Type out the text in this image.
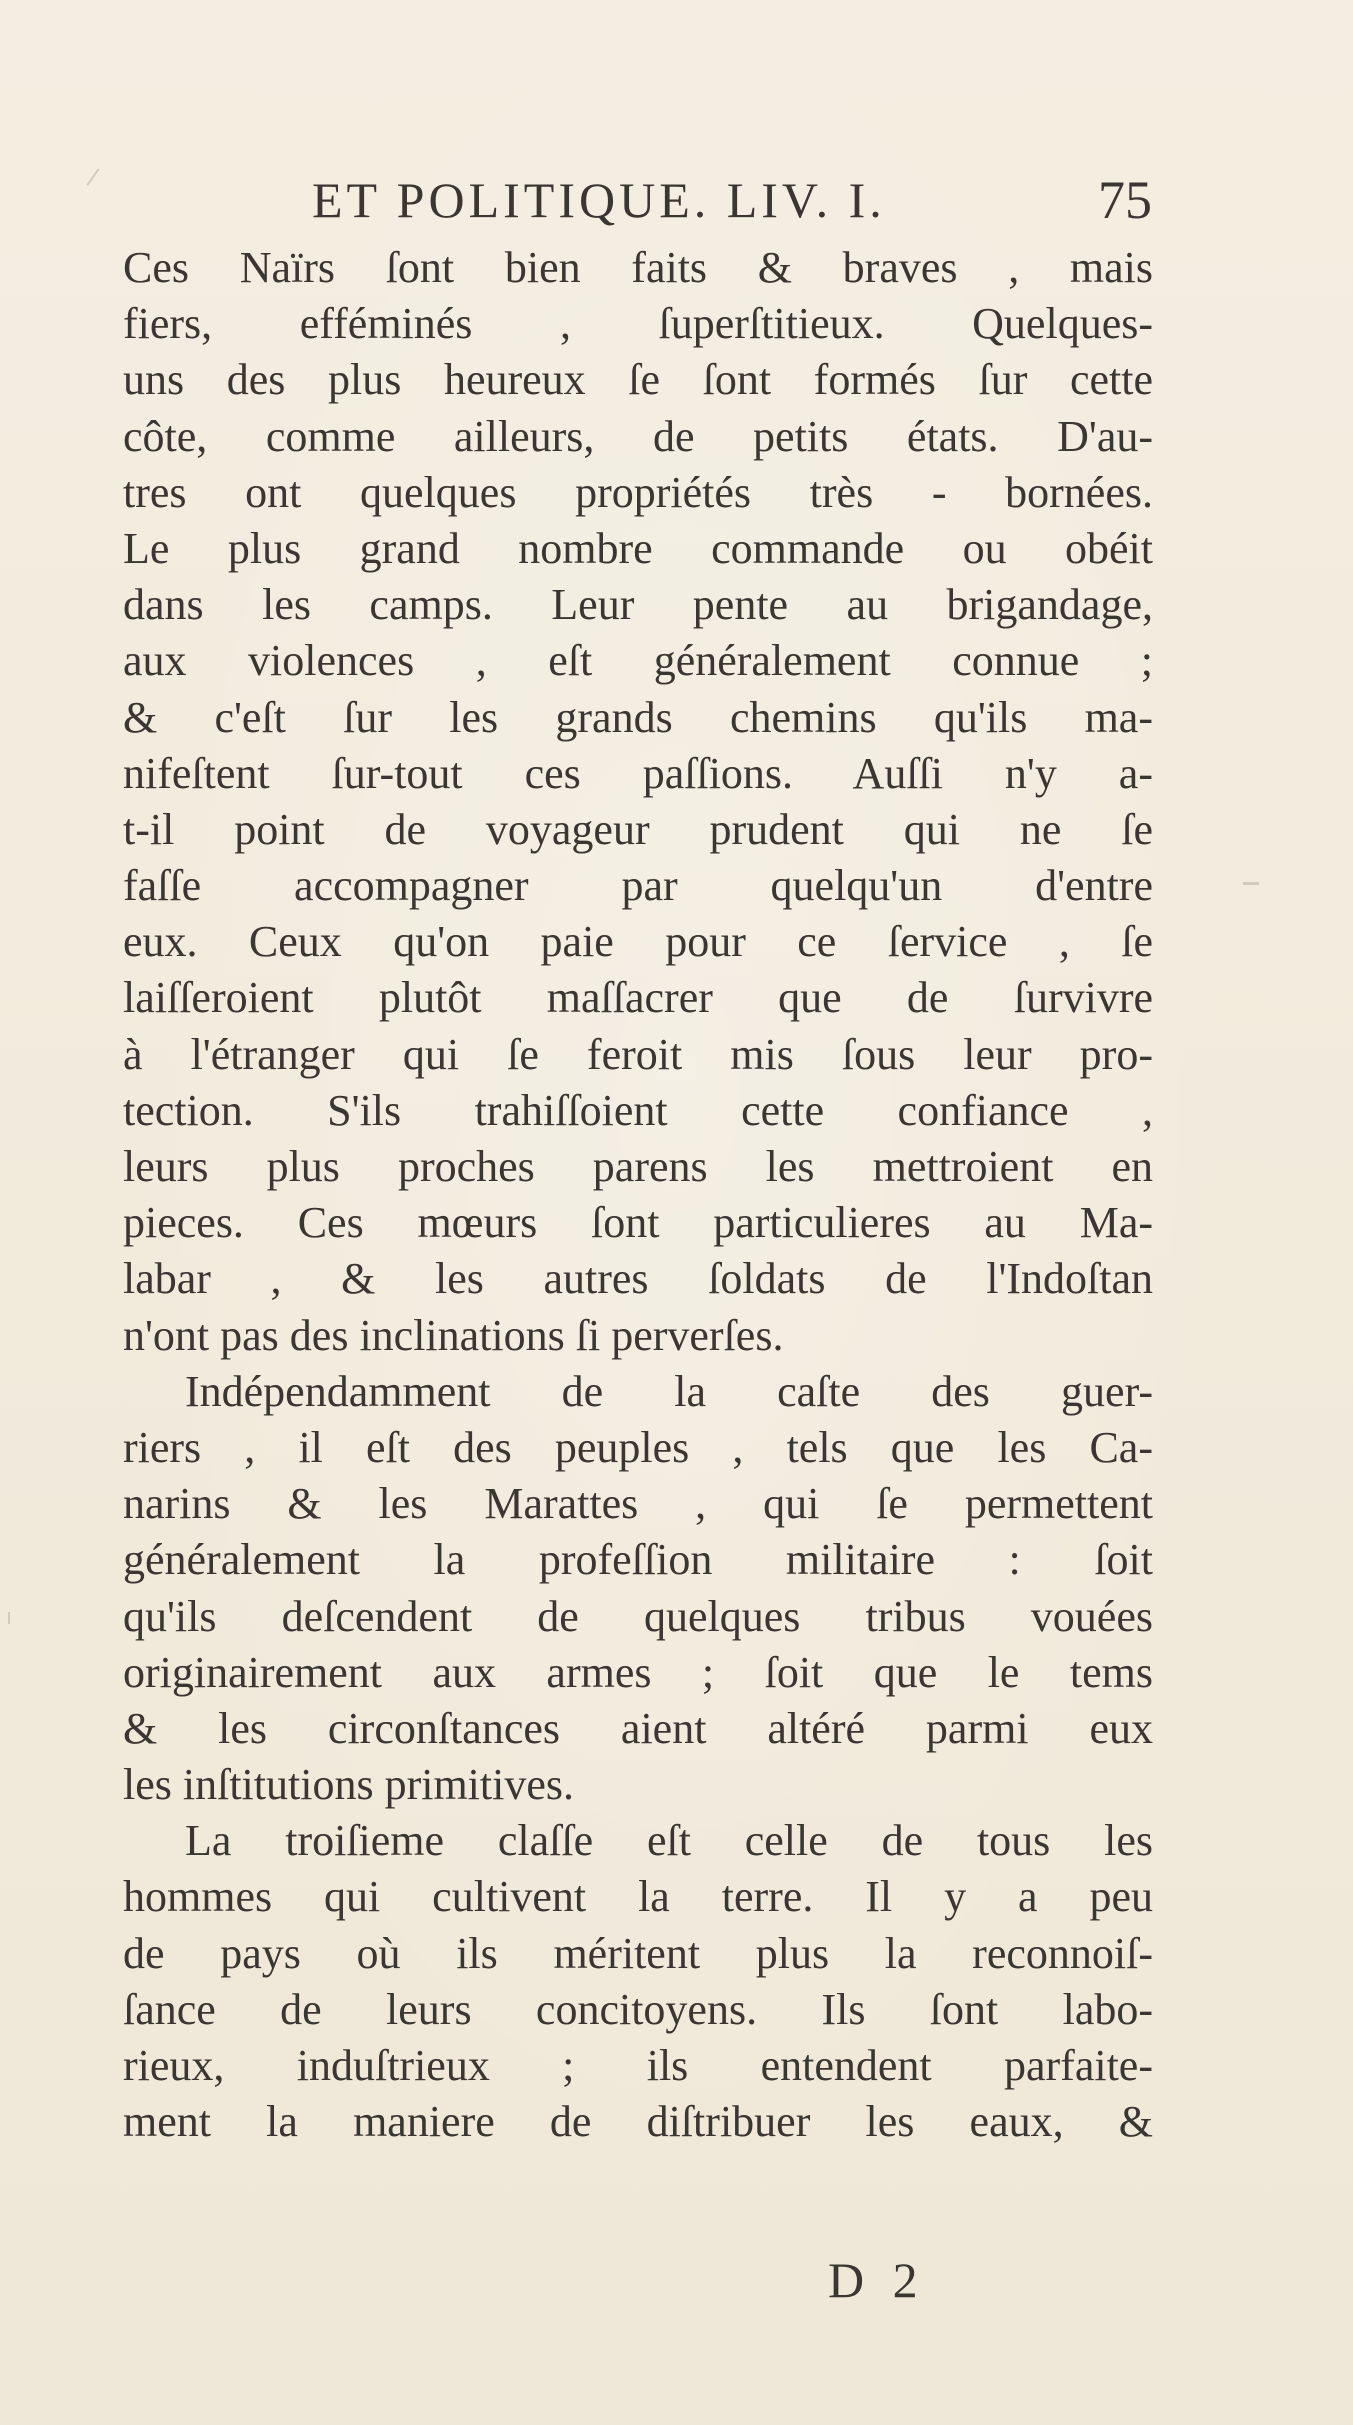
ET POLITIQUE. LIV. I.	75
Ces Naïrs ſont bien faits & braves , mais
fiers, efféminés , ſuperſtitieux. Quelques-
uns des plus heureux ſe ſont formés ſur cette
côte, comme ailleurs, de petits états. D'au-
tres ont quelques propriétés très - bornées.
Le plus grand nombre commande ou obéit
dans les camps. Leur pente au brigandage,
aux violences , eſt généralement connue ;
& c'eſt ſur les grands chemins qu'ils ma-
nifeſtent ſur-tout ces paſſions. Auſſi n'y a-
t-il point de voyageur prudent qui ne ſe
faſſe accompagner par quelqu'un d'entre
eux. Ceux qu'on paie pour ce ſervice , ſe
laiſſeroient plutôt maſſacrer que de ſurvivre
à l'étranger qui ſe feroit mis ſous leur pro-
tection. S'ils trahiſſoient cette confiance ,
leurs plus proches parens les mettroient en
pieces. Ces mœurs ſont particulieres au Ma-
labar , & les autres ſoldats de l'Indoſtan
n'ont pas des inclinations ſi perverſes.
Indépendamment de la caſte des guer-
riers , il eſt des peuples , tels que les Ca-
narins & les Marattes , qui ſe permettent
généralement la profeſſion militaire : ſoit
qu'ils deſcendent de quelques tribus vouées
originairement aux armes ; ſoit que le tems
& les circonſtances aient altéré parmi eux
les inſtitutions primitives.
La troiſieme claſſe eſt celle de tous les
hommes qui cultivent la terre. Il y a peu
de pays où ils méritent plus la reconnoiſ-
ſance de leurs concitoyens. Ils ſont labo-
rieux, induſtrieux ; ils entendent parfaite-
ment la maniere de diſtribuer les eaux, &
D 2
